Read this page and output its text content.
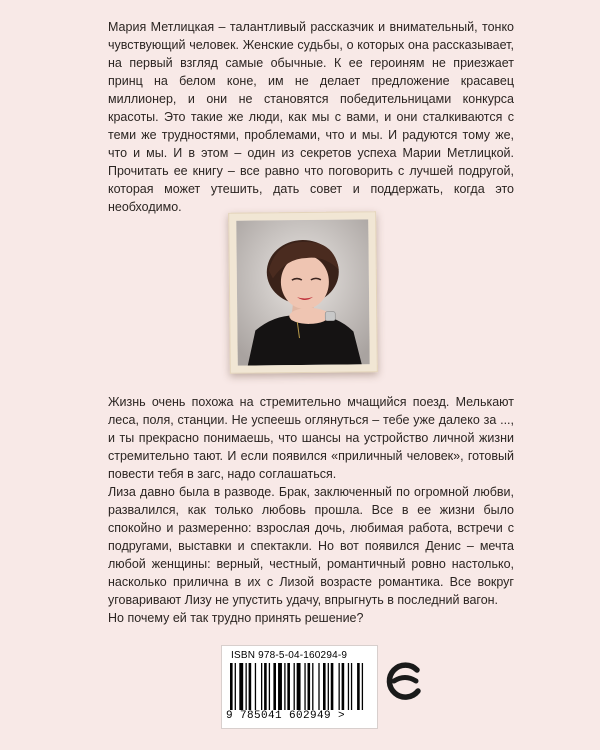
Мария Метлицкая – талантливый рассказчик и внимательный, тонко чувствующий человек. Женские судьбы, о которых она рассказывает, на первый взгляд самые обычные. К ее героиням не приезжает принц на белом коне, им не делает предложение красавец миллионер, и они не становятся победительницами конкурса красоты. Это такие же люди, как мы с вами, и они сталкиваются с теми же трудностями, проблемами, что и мы. И радуются тому же, что и мы. И в этом – один из секретов успеха Марии Метлицкой. Прочитать ее книгу – все равно что поговорить с лучшей подругой, которая может утешить, дать совет и поддержать, когда это необходимо.

Жизнь очень похожа на стремительно мчащийся поезд. Мелькают леса, поля, станции. Не успеешь оглянуться – тебе уже далеко за ..., и ты прекрасно понимаешь, что шансы на устройство личной жизни стремительно тают. И если появился «приличный человек», готовый повести тебя в загс, надо соглашаться.

Лиза давно была в разводе. Брак, заключенный по огромной любви, развалился, как только любовь прошла. Все в ее жизни было спокойно и размеренно: взрослая дочь, любимая работа, встречи с подругами, выставки и спектакли. Но вот появился Денис – мечта любой женщины: верный, честный, романтичный ровно настолько, насколько прилична в их с Лизой возрасте романтика. Все вокруг уговаривают Лизу не упустить удачу, впрыгнуть в последний вагон.

Но почему ей так трудно принять решение?

ISBN 978-5-04-160294-9
9 785041 602949 >
